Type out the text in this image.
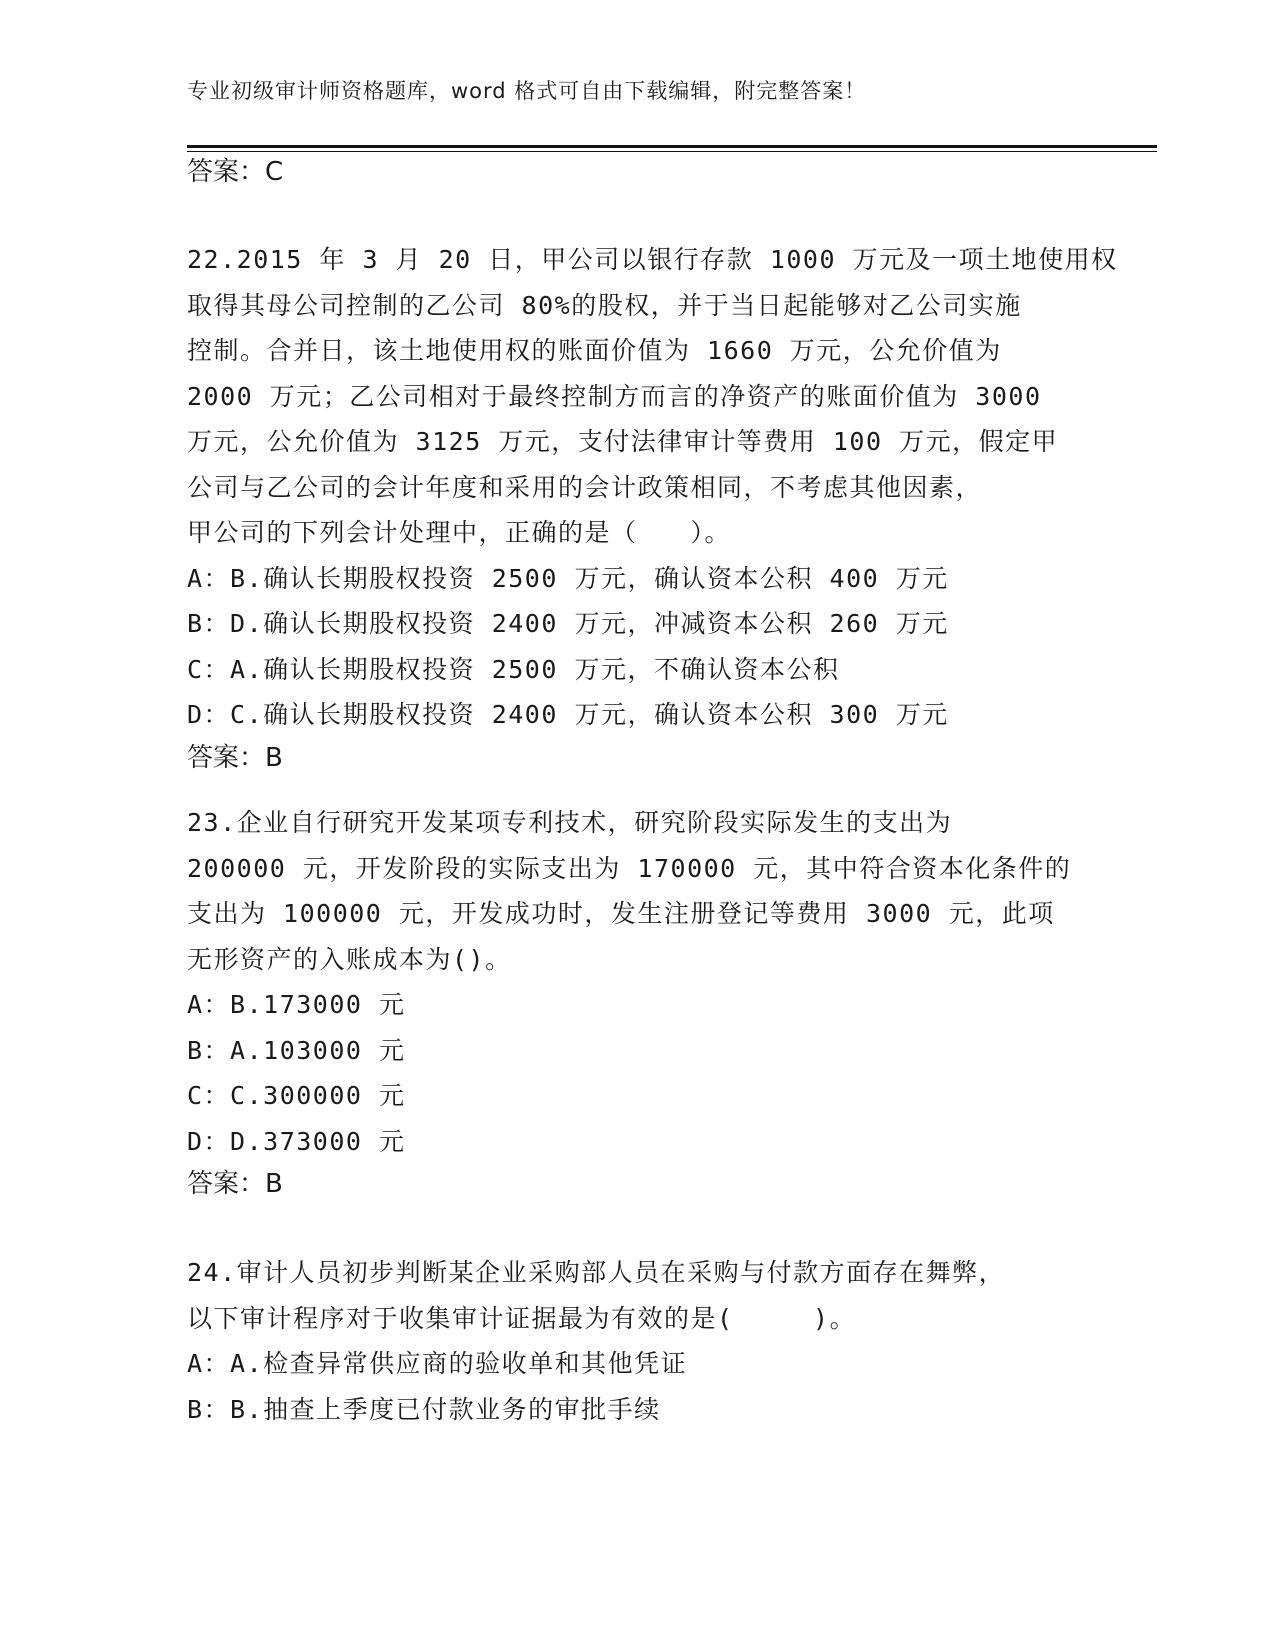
专业初级审计师资格题库，word 格式可自由下载编辑，附完整答案！
答案：C
22.2015 年 3 月 20 日，甲公司以银行存款 1000 万元及一项土地使用权
取得其母公司控制的乙公司 80%的股权，并于当日起能够对乙公司实施
控制。合并日，该土地使用权的账面价值为 1660 万元，公允价值为
2000 万元；乙公司相对于最终控制方而言的净资产的账面价值为 3000
万元，公允价值为 3125 万元，支付法律审计等费用 100 万元，假定甲
公司与乙公司的会计年度和采用的会计政策相同，不考虑其他因素，
甲公司的下列会计处理中，正确的是（　　）。
A：B.确认长期股权投资 2500 万元，确认资本公积 400 万元
B：D.确认长期股权投资 2400 万元，冲减资本公积 260 万元
C：A.确认长期股权投资 2500 万元，不确认资本公积
D：C.确认长期股权投资 2400 万元，确认资本公积 300 万元
答案：B
23.企业自行研究开发某项专利技术，研究阶段实际发生的支出为
200000 元，开发阶段的实际支出为 170000 元，其中符合资本化条件的
支出为 100000 元，开发成功时，发生注册登记等费用 3000 元，此项
无形资产的入账成本为()。
A：B.173000 元
B：A.103000 元
C：C.300000 元
D：D.373000 元
答案：B
24.审计人员初步判断某企业采购部人员在采购与付款方面存在舞弊，
以下审计程序对于收集审计证据最为有效的是(　　　)。
A：A.检查异常供应商的验收单和其他凭证
B：B.抽查上季度已付款业务的审批手续
